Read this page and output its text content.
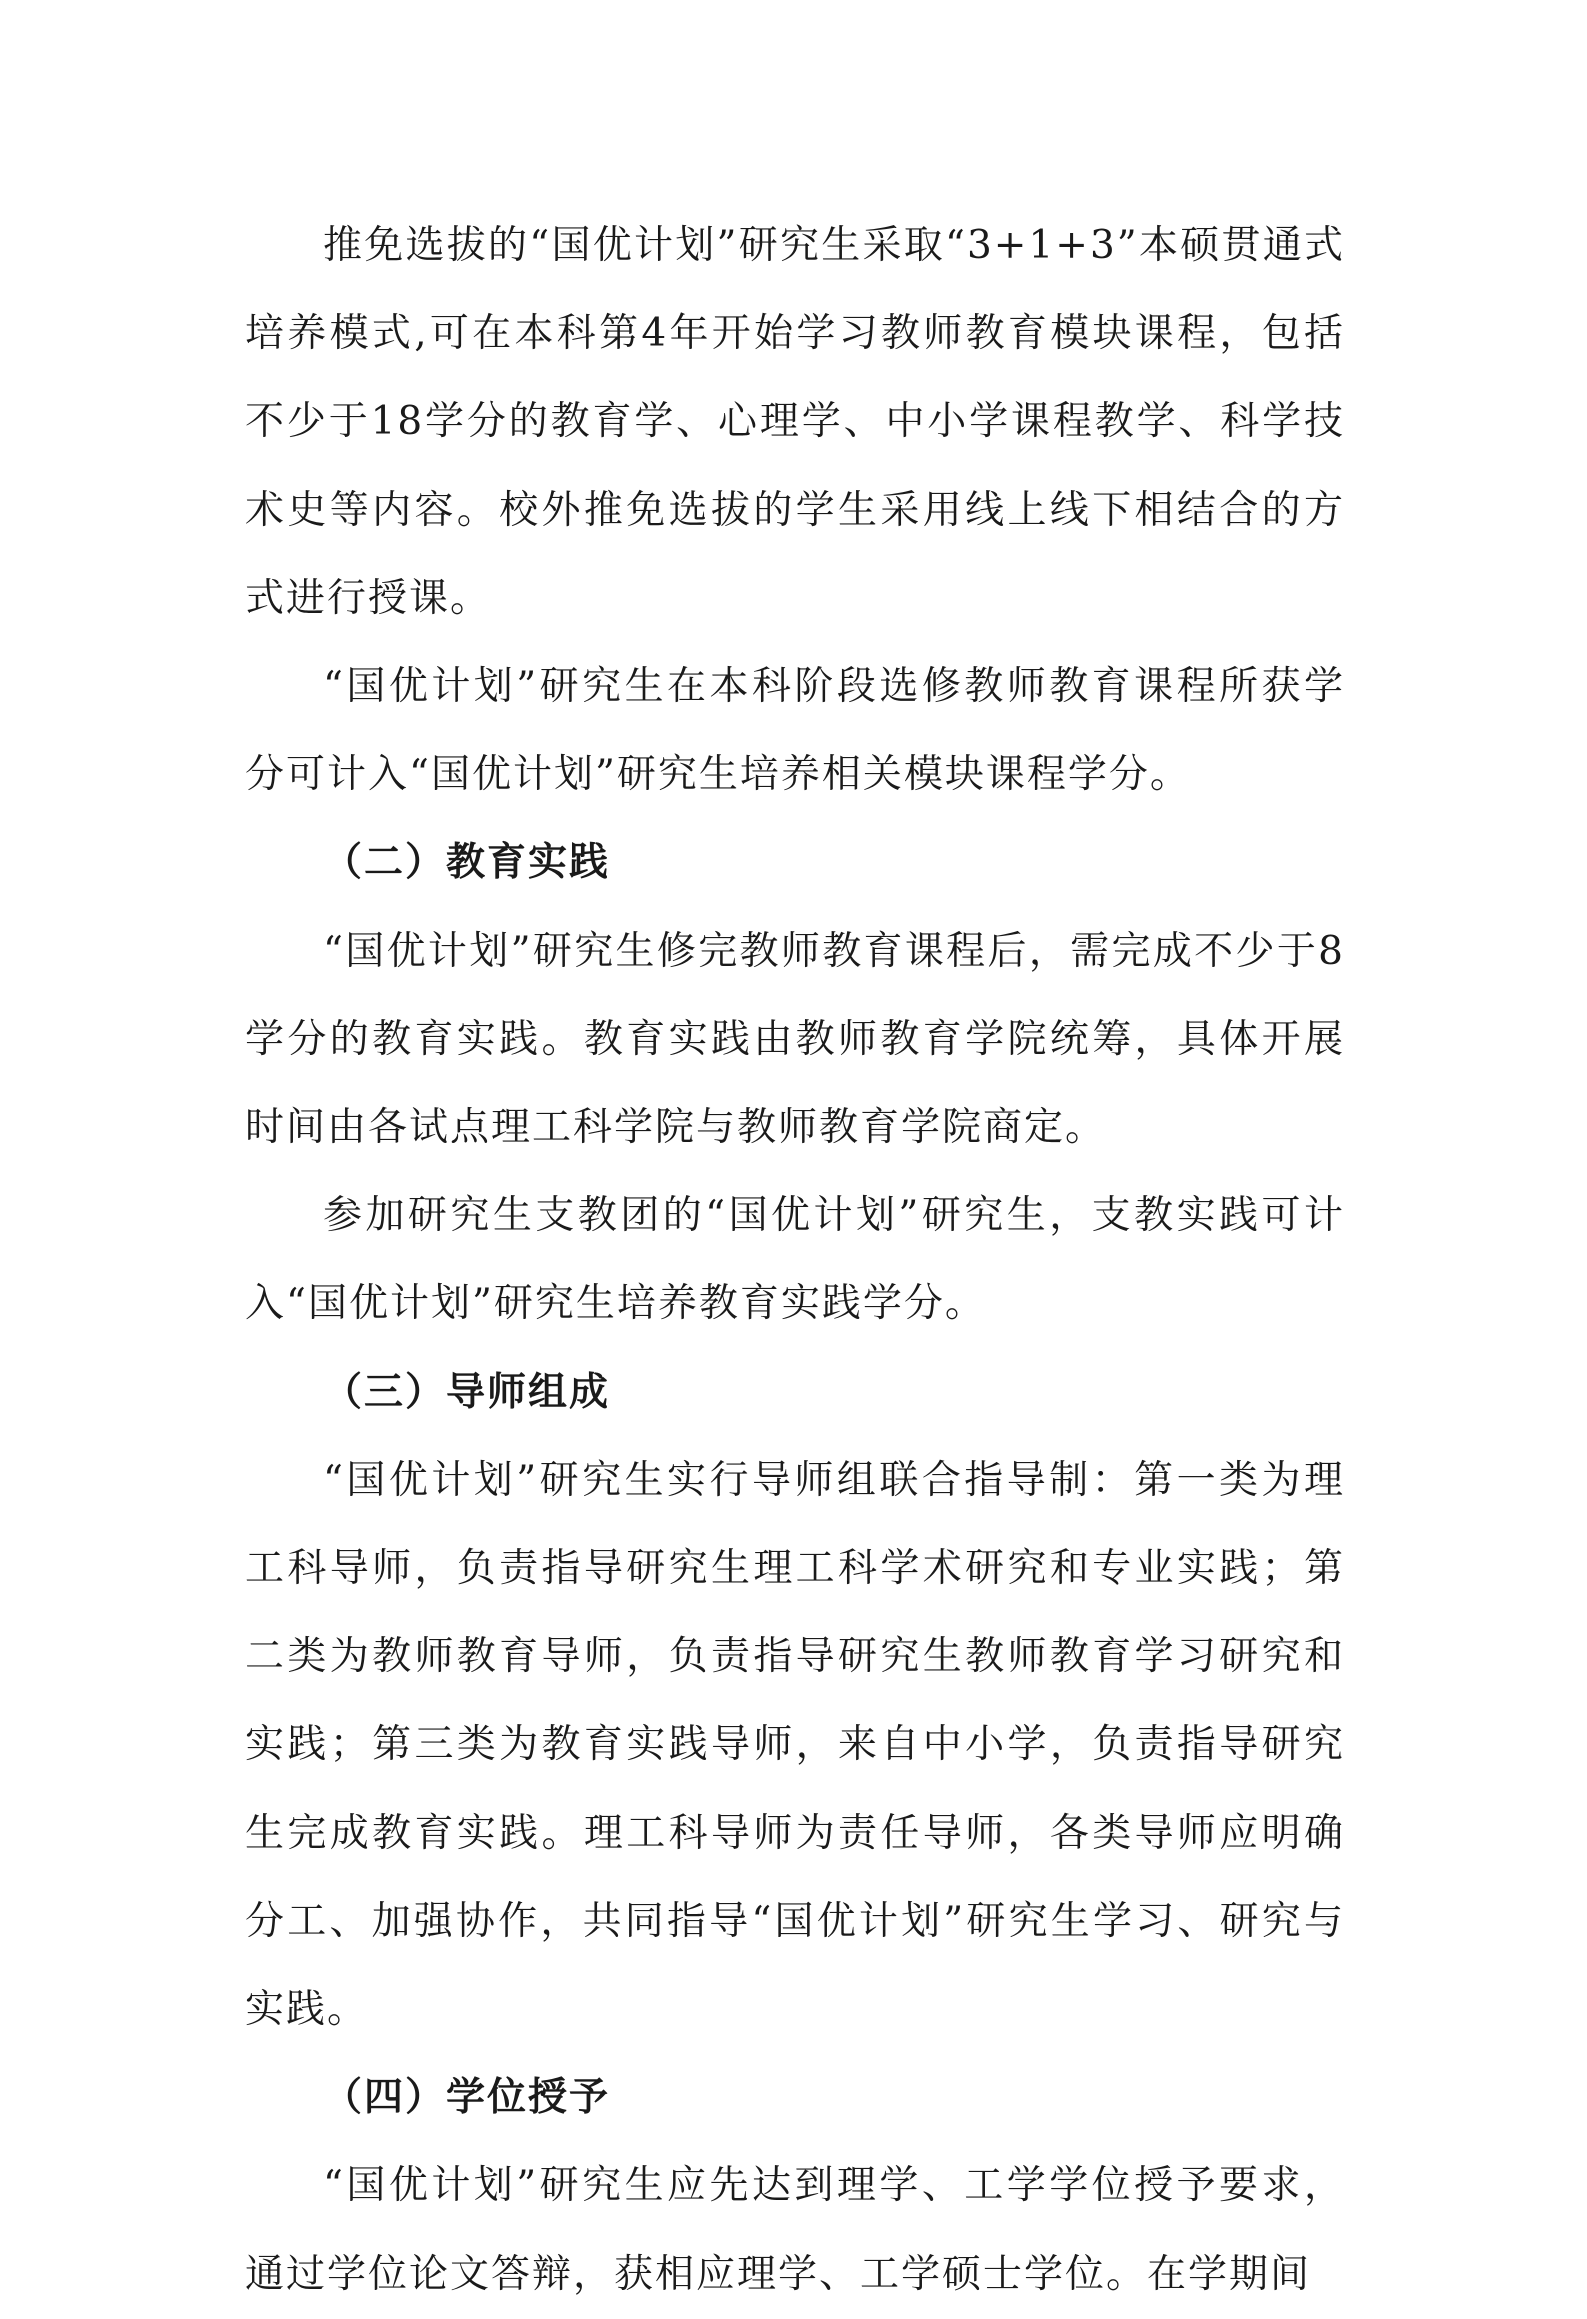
推免选拔的“国优计划”研究生采取“3+1+3”本硕贯通式培养模式,可在本科第4年开始学习教师教育模块课程，包括不少于18学分的教育学、心理学、中小学课程教学、科学技术史等内容。校外推免选拔的学生采用线上线下相结合的方式进行授课。

“国优计划”研究生在本科阶段选修教师教育课程所获学分可计入“国优计划”研究生培养相关模块课程学分。

（二）教育实践

“国优计划”研究生修完教师教育课程后，需完成不少于8学分的教育实践。教育实践由教师教育学院统筹，具体开展时间由各试点理工科学院与教师教育学院商定。

参加研究生支教团的“国优计划”研究生，支教实践可计入“国优计划”研究生培养教育实践学分。

（三）导师组成

“国优计划”研究生实行导师组联合指导制：第一类为理工科导师，负责指导研究生理工科学术研究和专业实践；第二类为教师教育导师，负责指导研究生教师教育学习研究和实践；第三类为教育实践导师，来自中小学，负责指导研究生完成教育实践。理工科导师为责任导师，各类导师应明确分工、加强协作，共同指导“国优计划”研究生学习、研究与实践。

（四）学位授予

“国优计划”研究生应先达到理学、工学学位授予要求，通过学位论文答辩，获相应理学、工学硕士学位。在学期间
